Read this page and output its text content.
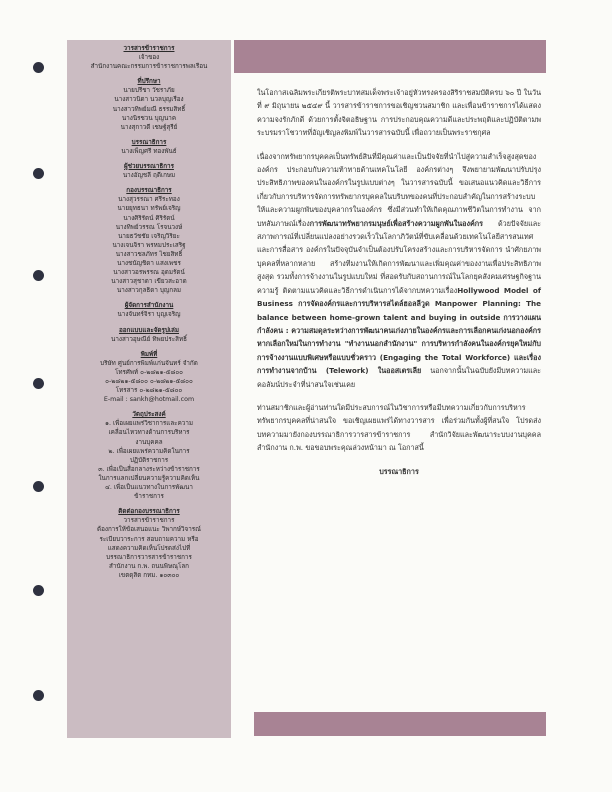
วารสารข้าราชการ
เจ้าของ
สำนักงานคณะกรรมการข้าราชการพลเรือน
ที่ปรึกษา
นายปรีชา วัชราภัย
นางสาวนิดา นวลบุญเรือง
นางสาวทิพย์มณี ธรรมสิทธิ์
นางนิรชวน บุญนาค
นางสุกาวดี เชษฐ์สุรีย์
บรรณาธิการ
นางเพ็ญศรี ทองพันธ์
ผู้ช่วยบรรณาธิการ
นางอัญชลี ฤดีเกษม
กองบรรณาธิการ
นางสุวรรณา ศรีระทอง
นายยุทธนา ทรัพย์เจริญ
นางศิริรัตน์ ศิริรัตน์
นางทิพย์วรรณ โรจนวงษ์
นายธวัชชัย เจริญวิริยะ
นางเจนจิรา พรหมประเสริฐ
นางสาวชลภัทร ไชยสิทธิ์
นางชนัญชิดา แสงเพชร
นางสาวอรพรรณ อุดมรัตน์
นางสาวสุชาดา เขียวสะอาด
นางสาวกุลธิดา บุญกลม
ผู้จัดการสำนักงาน
นางจันทร์จิรา บุญเจริญ
ออกแบบและจัดรูปเล่ม
นางสาวอุษณีย์ ทิพยประสิทธิ์
พิมพ์ที่
บริษัท ศูนย์การพิมพ์แก่นจันทร์ จำกัด
โทรศัพท์ ๐-๒๘๒๑-๕๘๐๐
๐-๒๘๒๑-๕๘๐๐ ๐-๒๘๒๑-๕๘๐๐
โทรสาร ๐-๒๘๒๑-๕๘๐๐
E-mail : sankh@hotmail.com
วัตถุประสงค์
๑. เพื่อเผยแพร่วิชาการและความ
เคลื่อนไหวทางด้านการบริหาร
งานบุคคล
๒. เพื่อเผยแพร่ความคิดในการ
ปฏิบัติราชการ
๓. เพื่อเป็นสื่อกลางระหว่างข้าราชการ
ในการแลกเปลี่ยนความรู้ความคิดเห็น
๔. เพื่อเป็นแนวทางในการพัฒนา
ข้าราชการ
ติดต่อกองบรรณาธิการ
วารสารข้าราชการ
ต้องการให้ข้อเสนอแนะ วิพากษ์วิจารณ์
ระเบียบวาระการ สอบถามความ หรือ
แสดงความคิดเห็นโปรดส่งไปที่
บรรณาธิการวารสารข้าราชการ
สำนักงาน ก.พ. ถนนพิษณุโลก
เขตดุสิต กทม. ๑๐๓๐๐

ในโอกาสเฉลิมพระเกียรติพระบาทสมเด็จพระเจ้าอยู่หัวทรงครองสิริราชสมบัติครบ ๖๐ ปี ในวันที่ ๙ มิถุนายน ๒๕๔๙ นี้ วารสารข้าราชการขอเชิญชวนสมาชิก และเพื่อนข้าราชการได้แสดงความจงรักภักดี ด้วยการตั้งจิตอธิษฐาน การประกอบคุณความดีและประพฤติและปฏิบัติตามพระบรมราโชวาทที่อัญเชิญลงพิมพ์ในวารสารฉบับนี้ เพื่อถวายเป็นพระราชกุศล

เนื่องจากทรัพยากรบุคคลเป็นทรัพย์สินที่มีคุณค่าและเป็นปัจจัยที่นำไปสู่ความสำเร็จสูงสุดขององค์กร ประกอบกับความท้าทายด้านเทคโนโลยี องค์กรต่างๆ จึงพยายามพัฒนาปรับปรุงประสิทธิภาพของคนในองค์กรในรูปแบบต่างๆ ในวารสารฉบับนี้ ขอเสนอแนวคิดและวิธีการเกี่ยวกับการบริหารจัดการทรัพยากรบุคคลในบริบทของคนที่ประกอบสำคัญในการสร้างระบบให้และความผูกพันของบุคลากรในองค์กร ซึ่งมีส่วนทำให้เกิดคุณภาพชีวิตในการทำงาน จากบทสัมภาษณ์เรื่องการพัฒนาทรัพยากรมนุษย์เพื่อสร้างความผูกพันในองค์กร ด้วยปัจจัยและสภาพการณ์ที่เปลี่ยนแปลงอย่างรวดเร็วในโลกาภิวัตน์ที่ขับเคลื่อนด้วยเทคโนโลยีสารสนเทศและการสื่อสาร องค์กรในปัจจุบันจำเป็นต้องปรับโครงสร้างและการบริหารจัดการ นำศักยภาพบุคคลที่หลากหลาย สร้างทีมงานให้เกิดการพัฒนาและเพิ่มคุณค่าของงานเพื่อประสิทธิภาพสูงสุด รวมทั้งการจ้างงานในรูปแบบใหม่ ที่สอดรับกับสถานการณ์ในโลกยุคสังคมเศรษฐกิจฐานความรู้ ติดตามแนวคิดและวิธีการดำเนินการได้จากบทความเรื่องHollywood Model of Business การจัดองค์กรและการบริหารสไตล์ฮอลลีวูด Manpower Planning: The balance between home-grown talent and buying in outside การวางแผนกำลังคน : ความสมดุลระหว่างการพัฒนาคนเก่งภายในองค์กรและการเลือกคนเก่งนอกองค์กร หากเลือกใหม่ในการทำงาน "ทำงานนอกสำนักงาน" การบริหารกำลังคนในองค์กรยุคใหม่กับการจ้างงานแบบพิเศษหรือแบบชั่วคราว (Engaging the Total Workforce) และเรื่องการทำงานจากบ้าน (Telework) ในออสเตรเลีย นอกจากนั้นในฉบับยังมีบทความและคอลัมน์ประจำที่น่าสนใจเช่นเคย

ท่านสมาชิกและผู้อ่านท่านใดมีประสบการณ์ในวิชาการหรือมีบทความเกี่ยวกับการบริหารทรัพยากรบุคคลที่น่าสนใจ ขอเชิญเผยแพร่ได้ทางวารสาร เพื่อร่วมกันทั้งผู้ที่สนใจ โปรดส่งบทความมายังกองบรรณาธิการวารสารข้าราชการ สำนักวิจัยและพัฒนาระบบงานบุคคล สำนักงาน ก.พ. ขอขอบพระคุณล่วงหน้ามา ณ โอกาสนี้

บรรณาธิการ
